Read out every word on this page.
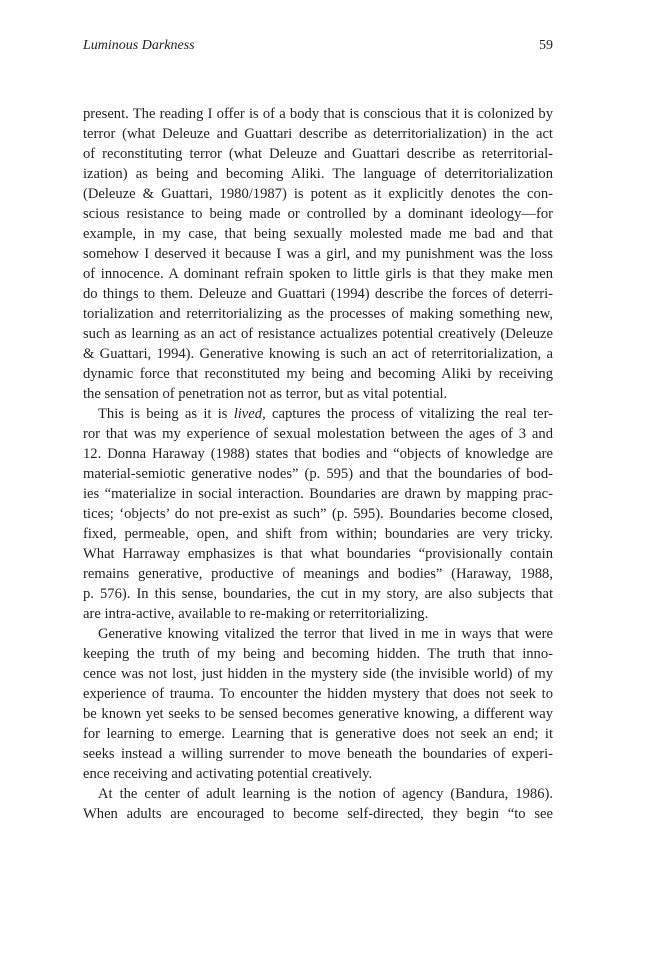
Luminous Darkness	59
present. The reading I offer is of a body that is conscious that it is colonized by
terror (what Deleuze and Guattari describe as deterritorialization) in the act
of reconstituting terror (what Deleuze and Guattari describe as reterritorial-
ization) as being and becoming Aliki. The language of deterritorialization
(Deleuze & Guattari, 1980/1987) is potent as it explicitly denotes the con-
scious resistance to being made or controlled by a dominant ideology—for
example, in my case, that being sexually molested made me bad and that
somehow I deserved it because I was a girl, and my punishment was the loss
of innocence. A dominant refrain spoken to little girls is that they make men
do things to them. Deleuze and Guattari (1994) describe the forces of deterri-
torialization and reterritorializing as the processes of making something new,
such as learning as an act of resistance actualizes potential creatively (Deleuze
& Guattari, 1994). Generative knowing is such an act of reterritorialization, a
dynamic force that reconstituted my being and becoming Aliki by receiving
the sensation of penetration not as terror, but as vital potential.
This is being as it is lived, captures the process of vitalizing the real ter-
ror that was my experience of sexual molestation between the ages of 3 and
12. Donna Haraway (1988) states that bodies and “objects of knowledge are
material-semiotic generative nodes” (p. 595) and that the boundaries of bod-
ies “materialize in social interaction. Boundaries are drawn by mapping prac-
tices; ‘objects’ do not pre-exist as such” (p. 595). Boundaries become closed,
fixed, permeable, open, and shift from within; boundaries are very tricky.
What Harraway emphasizes is that what boundaries “provisionally contain
remains generative, productive of meanings and bodies” (Haraway, 1988,
p. 576). In this sense, boundaries, the cut in my story, are also subjects that
are intra-active, available to re-making or reterritorializing.
Generative knowing vitalized the terror that lived in me in ways that were
keeping the truth of my being and becoming hidden. The truth that inno-
cence was not lost, just hidden in the mystery side (the invisible world) of my
experience of trauma. To encounter the hidden mystery that does not seek to
be known yet seeks to be sensed becomes generative knowing, a different way
for learning to emerge. Learning that is generative does not seek an end; it
seeks instead a willing surrender to move beneath the boundaries of experi-
ence receiving and activating potential creatively.
At the center of adult learning is the notion of agency (Bandura, 1986).
When adults are encouraged to become self-directed, they begin “to see
